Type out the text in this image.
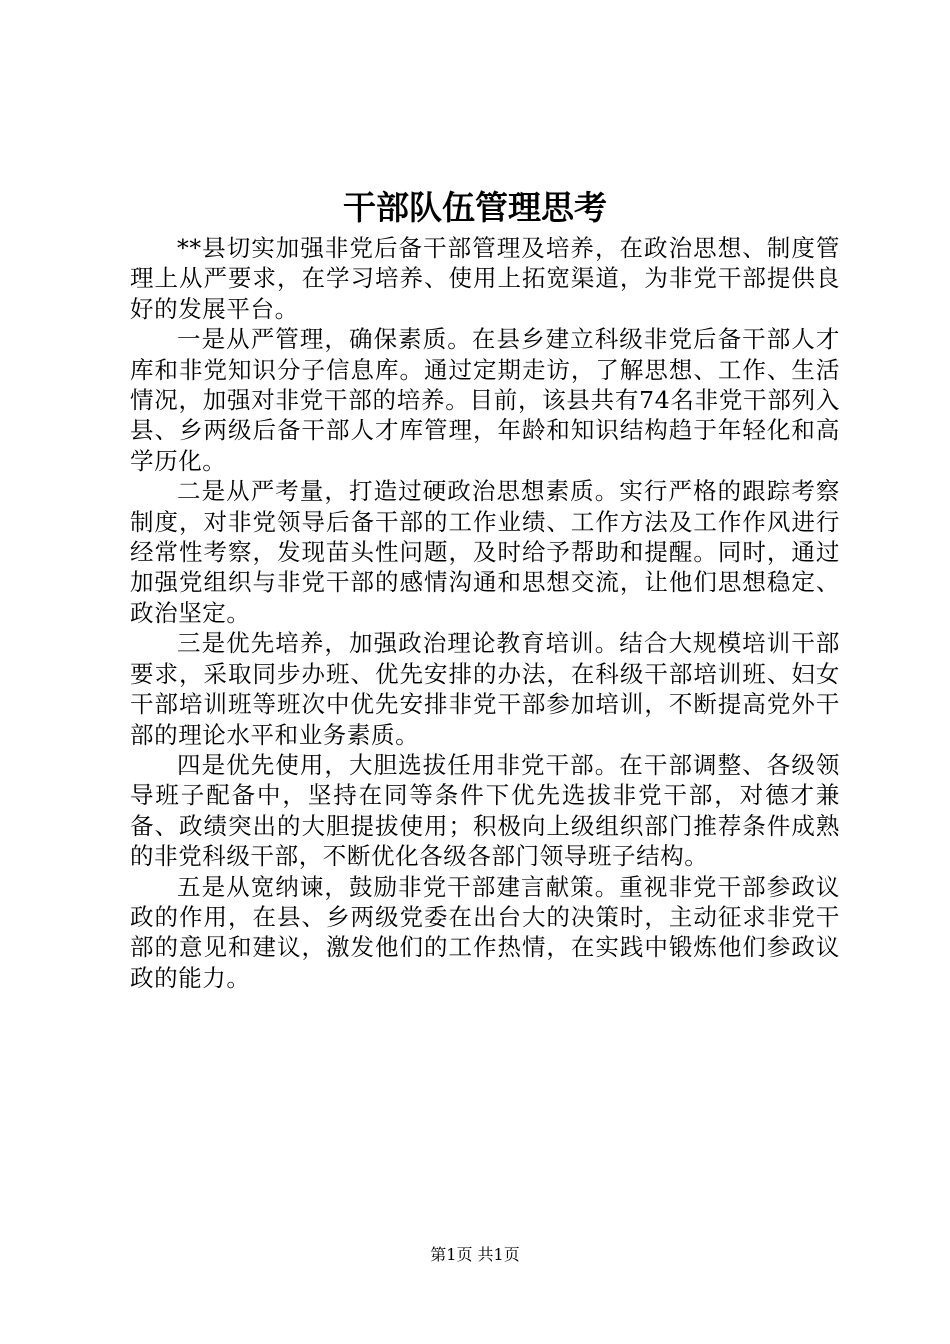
干部队伍管理思考

**县切实加强非党后备干部管理及培养，在政治思想、制度管理上从严要求，在学习培养、使用上拓宽渠道，为非党干部提供良好的发展平台。

一是从严管理，确保素质。在县乡建立科级非党后备干部人才库和非党知识分子信息库。通过定期走访，了解思想、工作、生活情况，加强对非党干部的培养。目前，该县共有74名非党干部列入县、乡两级后备干部人才库管理，年龄和知识结构趋于年轻化和高学历化。

二是从严考量，打造过硬政治思想素质。实行严格的跟踪考察制度，对非党领导后备干部的工作业绩、工作方法及工作作风进行经常性考察，发现苗头性问题，及时给予帮助和提醒。同时，通过加强党组织与非党干部的感情沟通和思想交流，让他们思想稳定、政治坚定。

三是优先培养，加强政治理论教育培训。结合大规模培训干部要求，采取同步办班、优先安排的办法，在科级干部培训班、妇女干部培训班等班次中优先安排非党干部参加培训，不断提高党外干部的理论水平和业务素质。

四是优先使用，大胆选拔任用非党干部。在干部调整、各级领导班子配备中，坚持在同等条件下优先选拔非党干部，对德才兼备、政绩突出的大胆提拔使用；积极向上级组织部门推荐条件成熟的非党科级干部，不断优化各级各部门领导班子结构。

五是从宽纳谏，鼓励非党干部建言献策。重视非党干部参政议政的作用，在县、乡两级党委在出台大的决策时，主动征求非党干部的意见和建议，激发他们的工作热情，在实践中锻炼他们参政议政的能力。

第1页 共1页
